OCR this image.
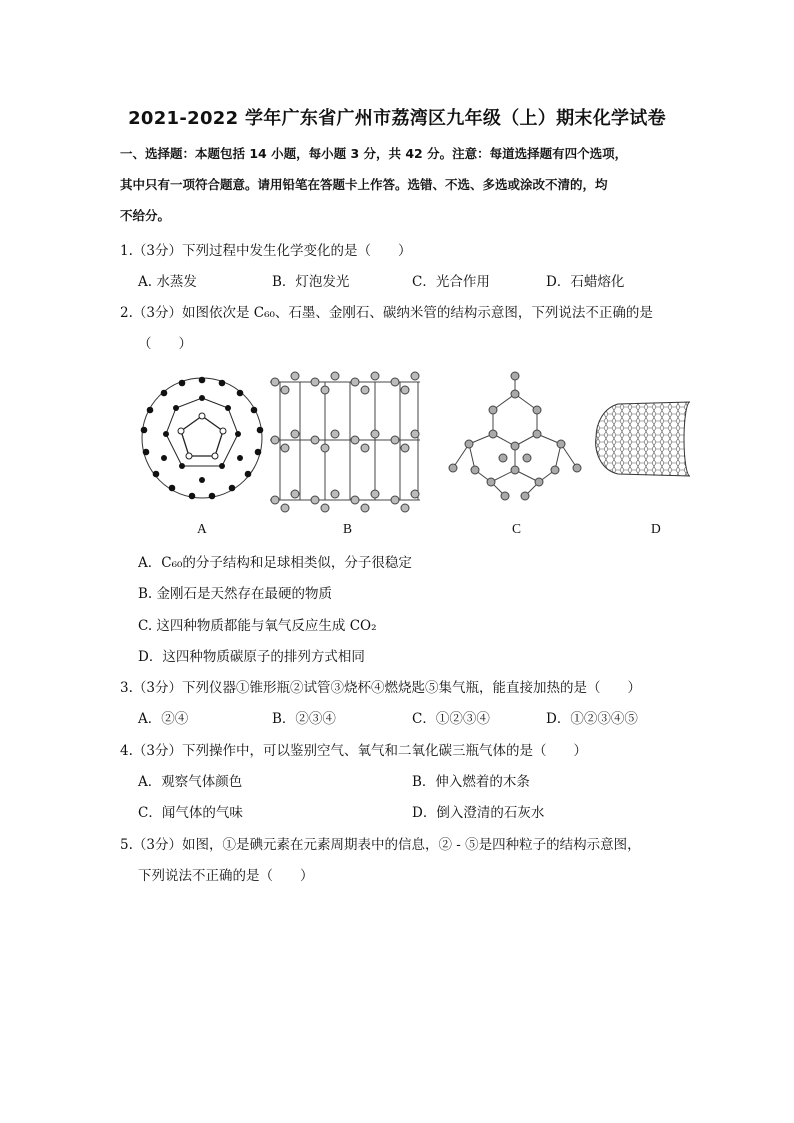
2021-2022 学年广东省广州市荔湾区九年级（上）期末化学试卷
一、选择题：本题包括 14 小题，每小题 3 分，共 42 分。注意：每道选择题有四个选项，
其中只有一项符合题意。请用铅笔在答题卡上作答。选错、不选、多选或涂改不清的，均
不给分。
1.（3分）下列过程中发生化学变化的是（　　）
A. 水蒸发	B．灯泡发光	C．光合作用	D．石蜡熔化
2.（3分）如图依次是 C₆₀、石墨、金刚石、碳纳米管的结构示意图，下列说法不正确的是
（　　）
A	B	C	D
A．C₆₀的分子结构和足球相类似，分子很稳定
B. 金刚石是天然存在最硬的物质
C. 这四种物质都能与氧气反应生成 CO₂
D．这四种物质碳原子的排列方式相同
3.（3分）下列仪器①锥形瓶②试管③烧杯④燃烧匙⑤集气瓶，能直接加热的是（　　）
A．②④	B．②③④	C．①②③④	D．①②③④⑤
4.（3分）下列操作中，可以鉴别空气、氧气和二氧化碳三瓶气体的是（　　）
A．观察气体颜色	B．伸入燃着的木条
C．闻气体的气味	D．倒入澄清的石灰水
5.（3分）如图，①是碘元素在元素周期表中的信息，② - ⑤是四种粒子的结构示意图，
下列说法不正确的是（　　）
